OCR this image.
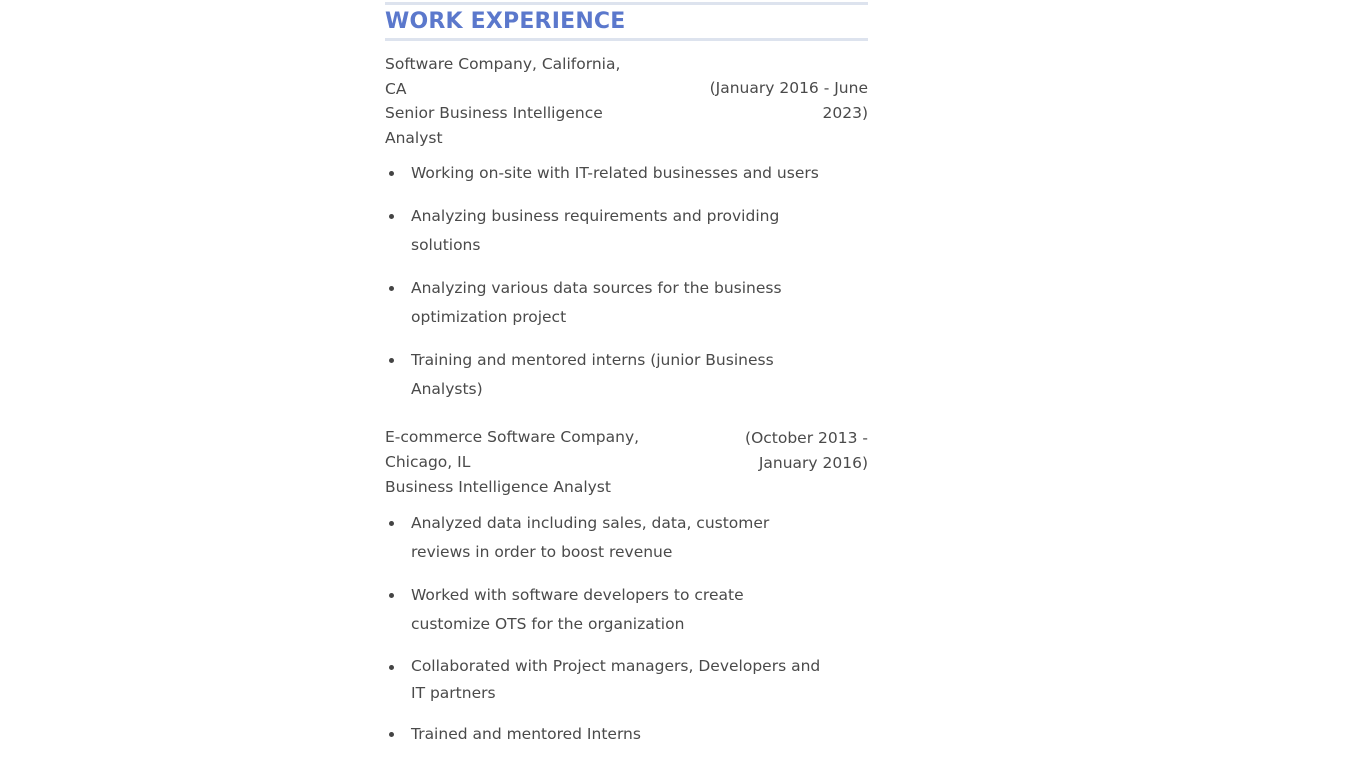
WORK EXPERIENCE
(January 2016 - June
2023)
Software Company, California,
CA
Senior Business Intelligence
Analyst
Working on-site with IT-related businesses and users
Analyzing business requirements and providing
solutions
Analyzing various data sources for the business
optimization project
Training and mentored interns (junior Business
Analysts)
(October 2013 -
January 2016)
E-commerce Software Company,
Chicago, IL
Business Intelligence Analyst
Analyzed data including sales, data, customer
reviews in order to boost revenue
Worked with software developers to create
customize OTS for the organization
Collaborated with Project managers, Developers and
IT partners
Trained and mentored Interns
